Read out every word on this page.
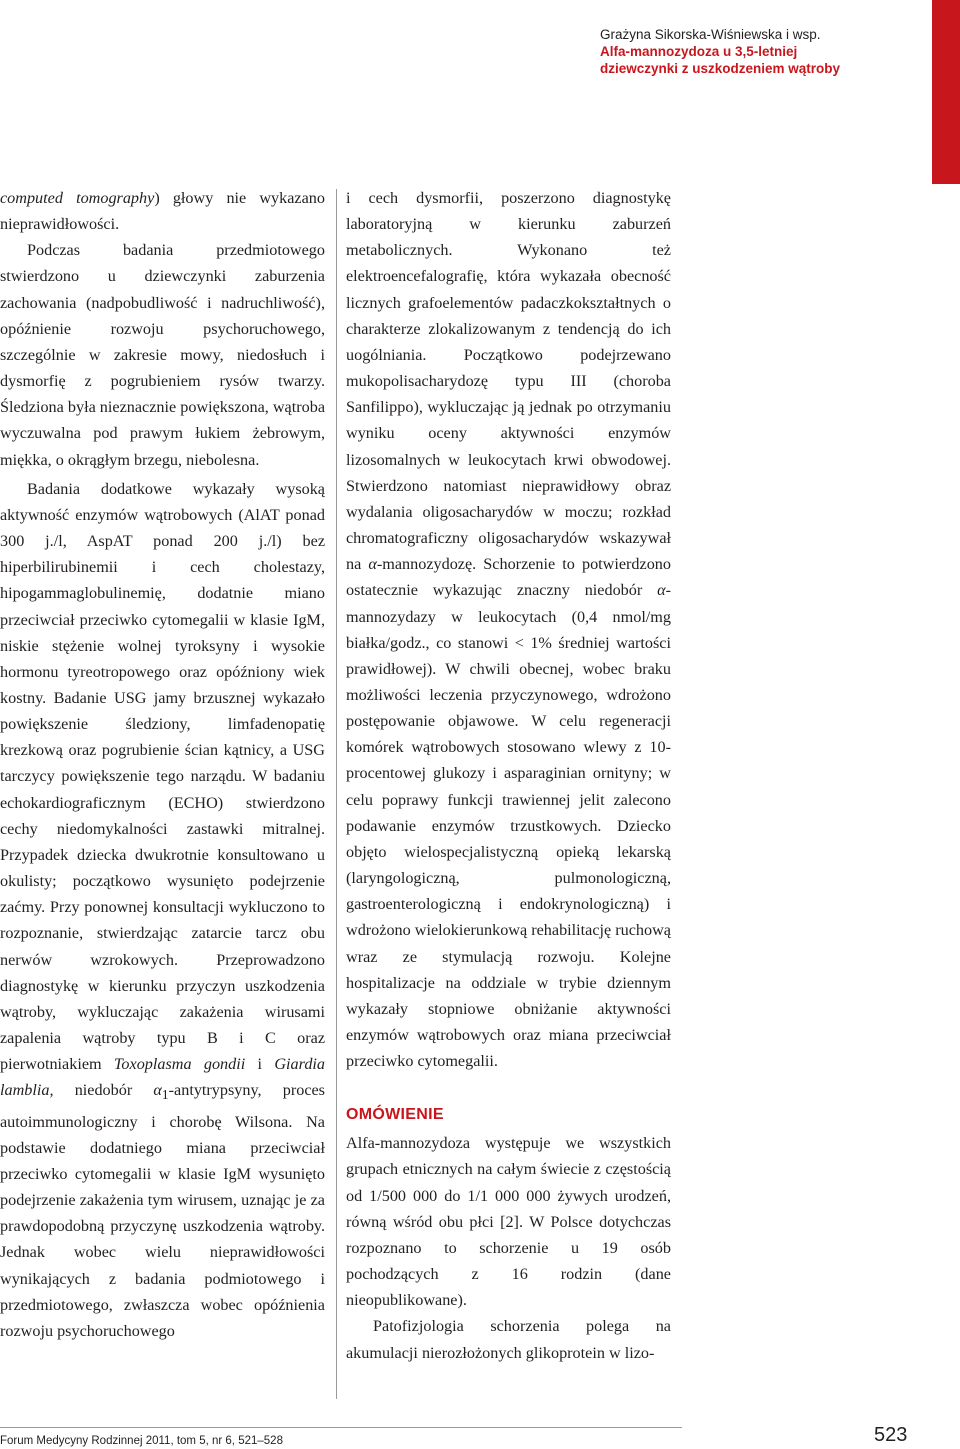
Grażyna Sikorska-Wiśniewska i wsp.
Alfa-mannozydoza u 3,5-letniej
dziewczynki z uszkodzeniem wątroby

computed tomography) głowy nie wykazano nieprawidłowości.

Podczas badania przedmiotowego stwierdzono u dziewczynki zaburzenia zachowania (nadpobudliwość i nadruchliwość), opóźnienie rozwoju psychoruchowego, szczególnie w zakresie mowy, niedosłuch i dysmorfię z pogrubieniem rysów twarzy. Śledziona była nieznacznie powiększona, wątroba wyczuwalna pod prawym łukiem żebrowym, miękka, o okrągłym brzegu, niebolesna.

Badania dodatkowe wykazały wysoką aktywność enzymów wątrobowych (AlAT ponad 300 j./l, AspAT ponad 200 j./l) bez hiperbilirubinemii i cech cholestazy, hipogammaglobulinemię, dodatnie miano przeciwciał przeciwko cytomegalii w klasie IgM, niskie stężenie wolnej tyroksyny i wysokie hormonu tyreotropowego oraz opóźniony wiek kostny. Badanie USG jamy brzusznej wykazało powiększenie śledziony, limfadenopatię krezkową oraz pogrubienie ścian kątnicy, a USG tarczycy powiększenie tego narządu. W badaniu echokardiograficznym (ECHO) stwierdzono cechy niedomykalności zastawki mitralnej. Przypadek dziecka dwukrotnie konsultowano u okulisty; początkowo wysunięto podejrzenie zaćmy. Przy ponownej konsultacji wykluczono to rozpoznanie, stwierdzając zatarcie tarcz obu nerwów wzrokowych. Przeprowadzono diagnostykę w kierunku przyczyn uszkodzenia wątroby, wykluczając zakażenia wirusami zapalenia wątroby typu B i C oraz pierwotniakiem Toxoplasma gondii i Giardia lamblia, niedobór $\alpha_1$-antytrypsyny, proces autoimmunologiczny i chorobę Wilsona. Na podstawie dodatniego miana przeciwciał przeciwko cytomegalii w klasie IgM wysunięto podejrzenie zakażenia tym wirusem, uznając je za prawdopodobną przyczynę uszkodzenia wątroby. Jednak wobec wielu nieprawidłowości wynikających z badania podmiotowego i przedmiotowego, zwłaszcza wobec opóźnienia rozwoju psychoruchowego

i cech dysmorfii, poszerzono diagnostykę laboratoryjną w kierunku zaburzeń metabolicznych. Wykonano też elektroencefalografię, która wykazała obecność licznych grafoelementów padaczkokształtnych o charakterze zlokalizowanym z tendencją do ich uogólniania. Początkowo podejrzewano mukopolisacharydozę typu III (choroba Sanfilippo), wykluczając ją jednak po otrzymaniu wyniku oceny aktywności enzymów lizosomalnych w leukocytach krwi obwodowej. Stwierdzono natomiast nieprawidłowy obraz wydalania oligosacharydów w moczu; rozkład chromatograficzny oligosacharydów wskazywał na α-mannozydozę. Schorzenie to potwierdzono ostatecznie wykazując znaczny niedobór α-mannozydazy w leukocytach (0,4 nmol/mg białka/godz., co stanowi < 1% średniej wartości prawidłowej). W chwili obecnej, wobec braku możliwości leczenia przyczynowego, wdrożono postępowanie objawowe. W celu regeneracji komórek wątrobowych stosowano wlewy z 10-procentowej glukozy i asparaginian ornityny; w celu poprawy funkcji trawiennej jelit zalecono podawanie enzymów trzustkowych. Dziecko objęto wielospecjalistyczną opieką lekarską (laryngologiczną, pulmonologiczną, gastroenterologiczną i endokrynologiczną) i wdrożono wielokierunkową rehabilitację ruchową wraz ze stymulacją rozwoju. Kolejne hospitalizacje na oddziale w trybie dziennym wykazały stopniowe obniżanie aktywności enzymów wątrobowych oraz miana przeciwciał przeciwko cytomegalii.

OMÓWIENIE

Alfa-mannozydoza występuje we wszystkich grupach etnicznych na całym świecie z częstością od 1/500 000 do 1/1 000 000 żywych urodzeń, równą wśród obu płci [2]. W Polsce dotychczas rozpoznano to schorzenie u 19 osób pochodzących z 16 rodzin (dane nieopublikowane).

Patofizjologia schorzenia polega na akumulacji nierozłożonych glikoprotein w lizo-

Forum Medycyny Rodzinnej 2011, tom 5, nr 6, 521–528	523
